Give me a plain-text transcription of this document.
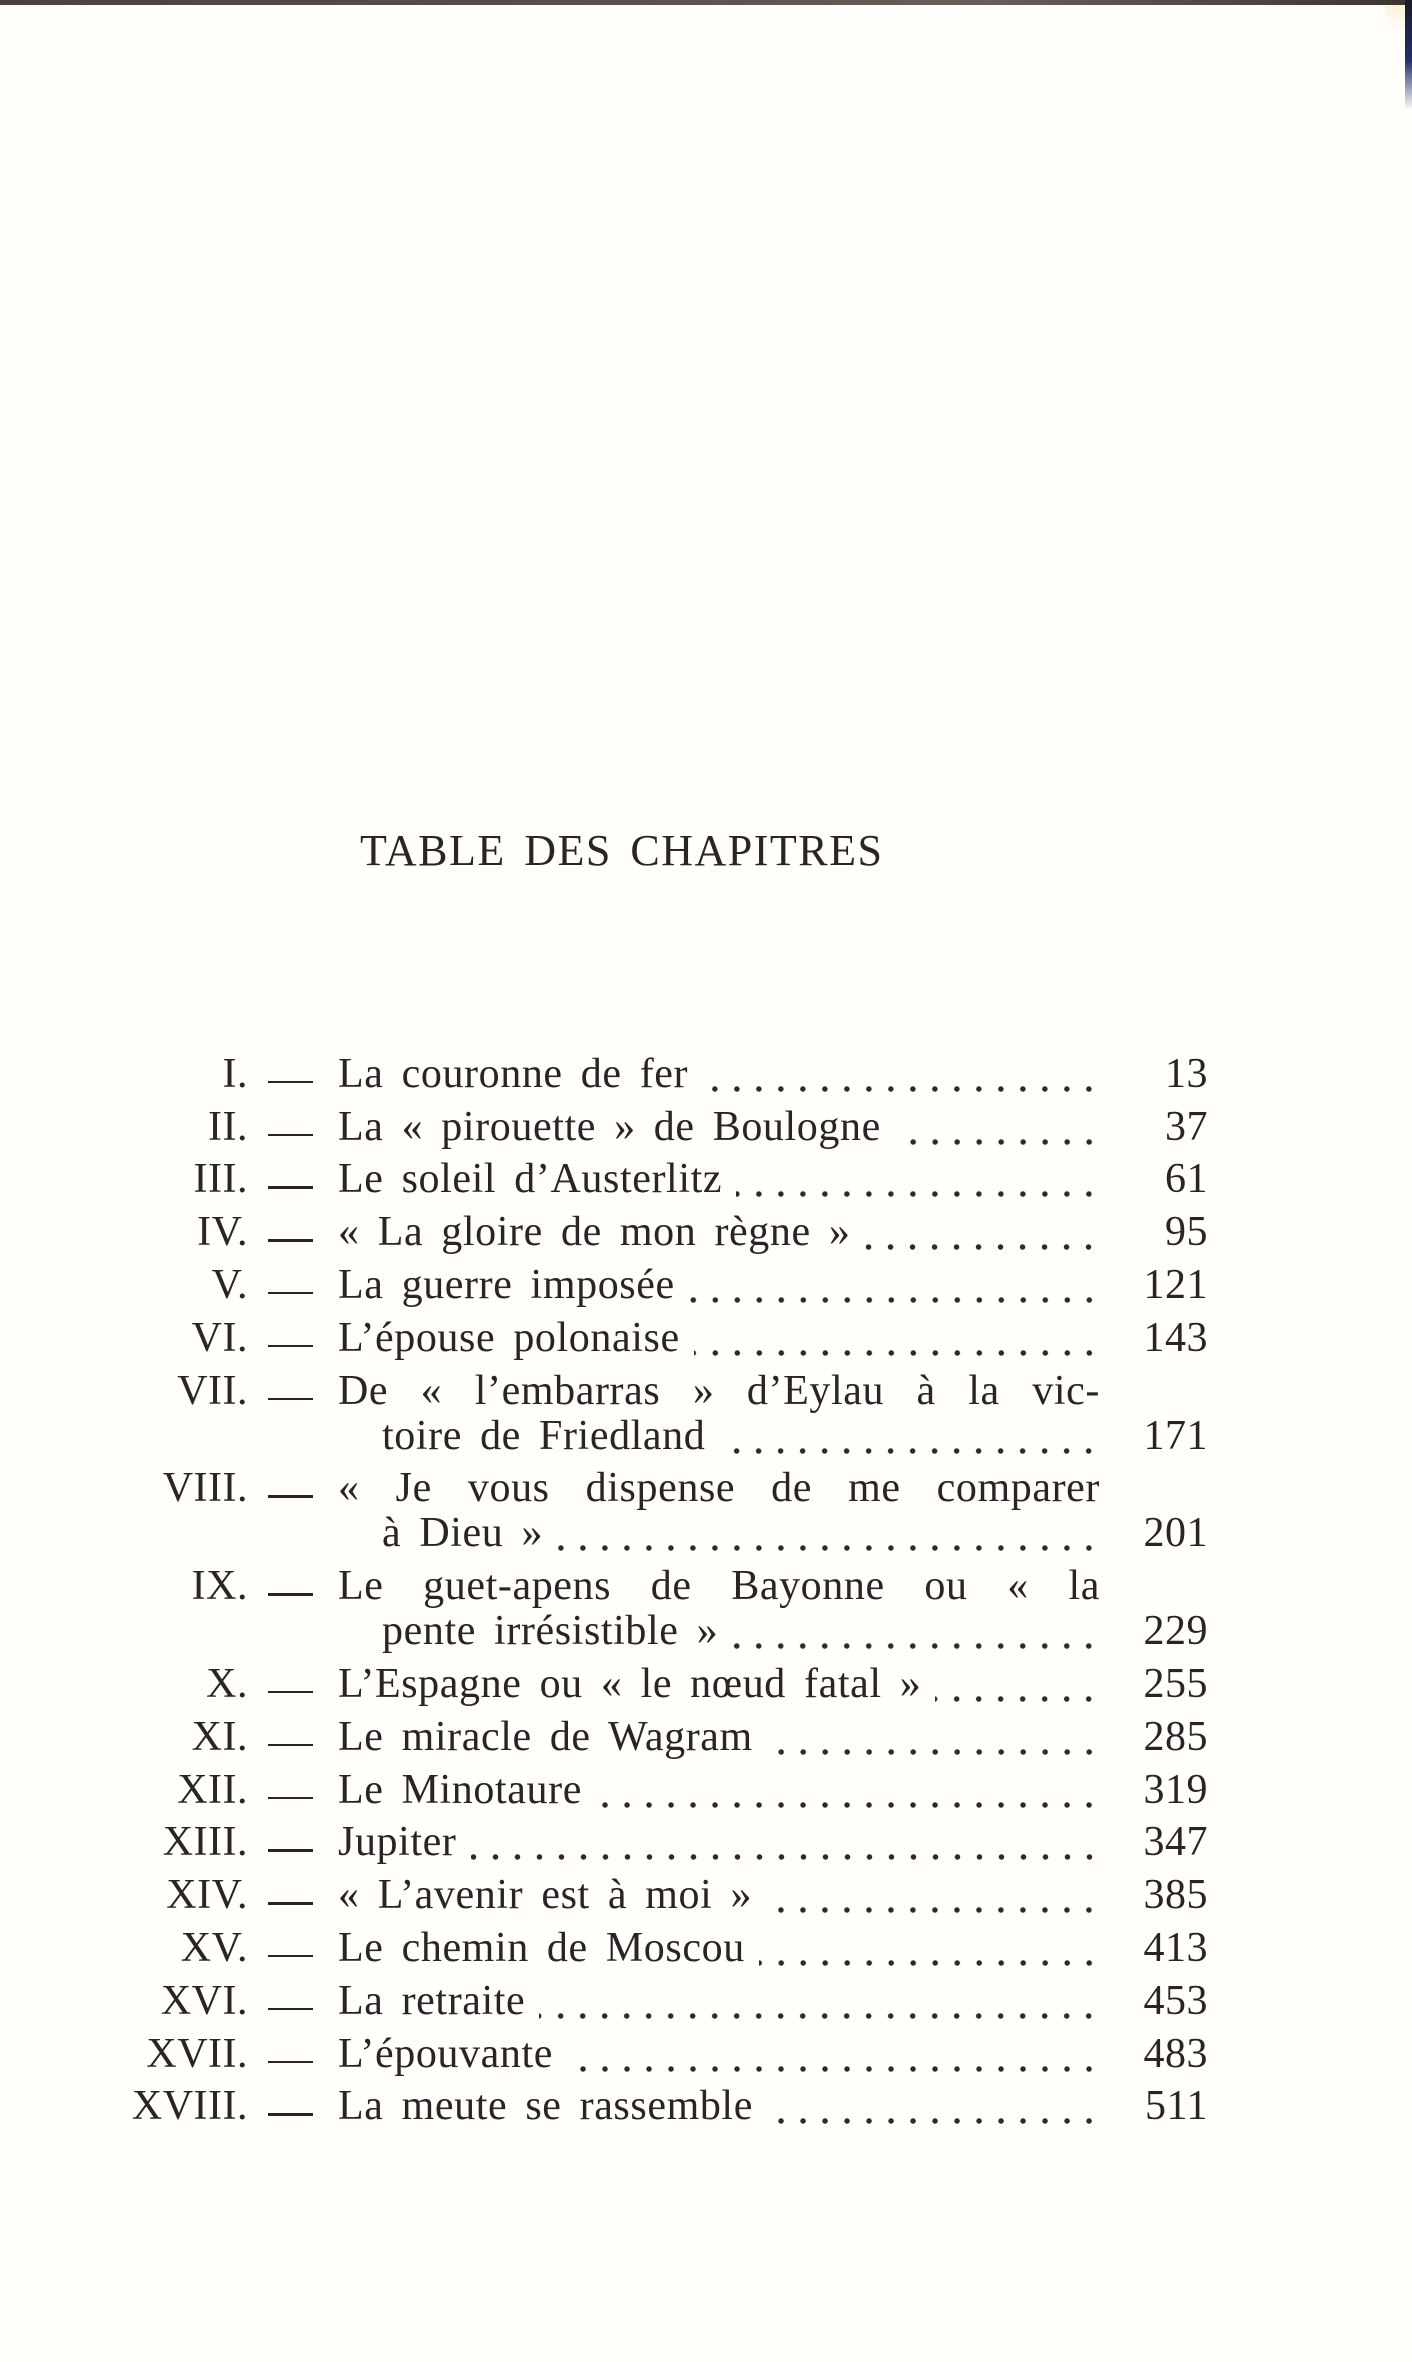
TABLE DES CHAPITRES
I. La couronne de fer	13
II. La « pirouette » de Boulogne	37
III. Le soleil d’Austerlitz	61
IV. « La gloire de mon règne »	95
V. La guerre imposée	121
VI. L’épouse polonaise	143
VII. De « l’embarras » d’Eylau à la vic-
toire de Friedland	171
VIII. « Je vous dispense de me comparer
à Dieu »	201
IX. Le guet-apens de Bayonne ou « la
pente irrésistible »	229
X. L’Espagne ou « le nœud fatal »	255
XI. Le miracle de Wagram	285
XII. Le Minotaure	319
XIII. Jupiter	347
XIV. « L’avenir est à moi »	385
XV. Le chemin de Moscou	413
XVI. La retraite	453
XVII. L’épouvante	483
XVIII. La meute se rassemble	511
